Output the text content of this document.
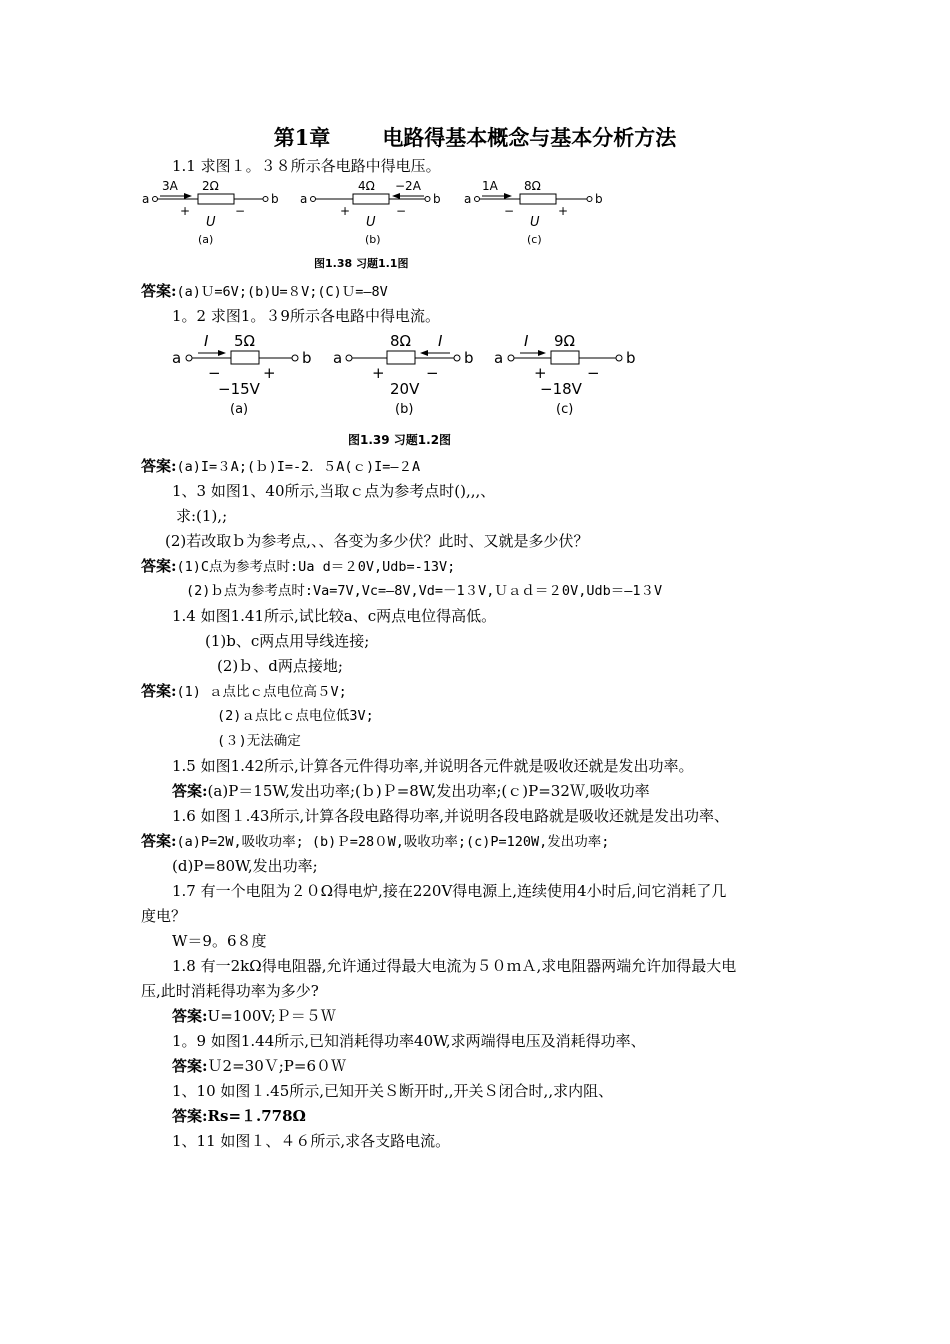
第1章 电路得基本概念与基本分析方法
1.1 求图１。３８所示各电路中得电压。
a	b
3A 2Ω
+	−
U
(a)
a	b
4Ω −2A
+	−
U
(b)
a	b
1A 8Ω
−	+
U
(c)
图1.38 习题1.1图
答案:(a)Ｕ=6V;(b)U=８V;(C)Ｕ=—8V
1。2 求图1。３9所示各电路中得电流。
a	b
I 5Ω
−	+
−15V
(a)
a	b
8Ω I
+	−
20V
(b)
a	b
I 9Ω
+	−
−18V
(c)
图1.39 习题1.2图
答案:(a)I=３A;(ｂ)I=-2．５A(ｃ)I=—２A
1、3 如图1、40所示,当取ｃ点为参考点时(),,,、
求:(1),;
(2)若改取ｂ为参考点,、、各变为多少伏？此时、又就是多少伏？
答案:(1)C点为参考点时:Ua d＝２0V,Udb=-13V;
(2)ｂ点为参考点时:Va=7V,Vc=—8V,Vd=－1３V,Ｕａｄ＝２0V,Udb＝—1３V
1.4 如图1.41所示,试比较a、c两点电位得高低。
(1)b、c两点用导线连接;
(2)ｂ、d两点接地;
答案:(1) ａ点比ｃ点电位高５V;
(2)ａ点比ｃ点电位低3V;
(３)无法确定
1.5 如图1.42所示,计算各元件得功率,并说明各元件就是吸收还就是发出功率。
答案:(a)P＝15W,发出功率;(ｂ)Ｐ=8W,发出功率;(ｃ)P=32Ｗ,吸收功率
1.6 如图１.43所示,计算各段电路得功率,并说明各段电路就是吸收还就是发出功率、
答案:(a)P=2W,吸收功率; (b)Ｐ=28０W,吸收功率;(c)P=120W,发出功率;
(d)P=80W,发出功率;
1.7 有一个电阻为２０Ω得电炉,接在220V得电源上,连续使用4小时后,问它消耗了几
度电？
W＝9。6８度
1.8 有一2kΩ得电阻器,允许通过得最大电流为５０ｍＡ,求电阻器两端允许加得最大电
压,此时消耗得功率为多少?
答案:U=100V;Ｐ＝５Ｗ
1。9 如图1.44所示,已知消耗得功率40W,求两端得电压及消耗得功率、
答案:Ｕ2=30Ｖ;P=6０Ｗ
1、10 如图１.45所示,已知开关Ｓ断开时,,开关Ｓ闭合时,,求内阻、
答案:Rs=１.778Ω
1、11 如图１、４６所示,求各支路电流。
